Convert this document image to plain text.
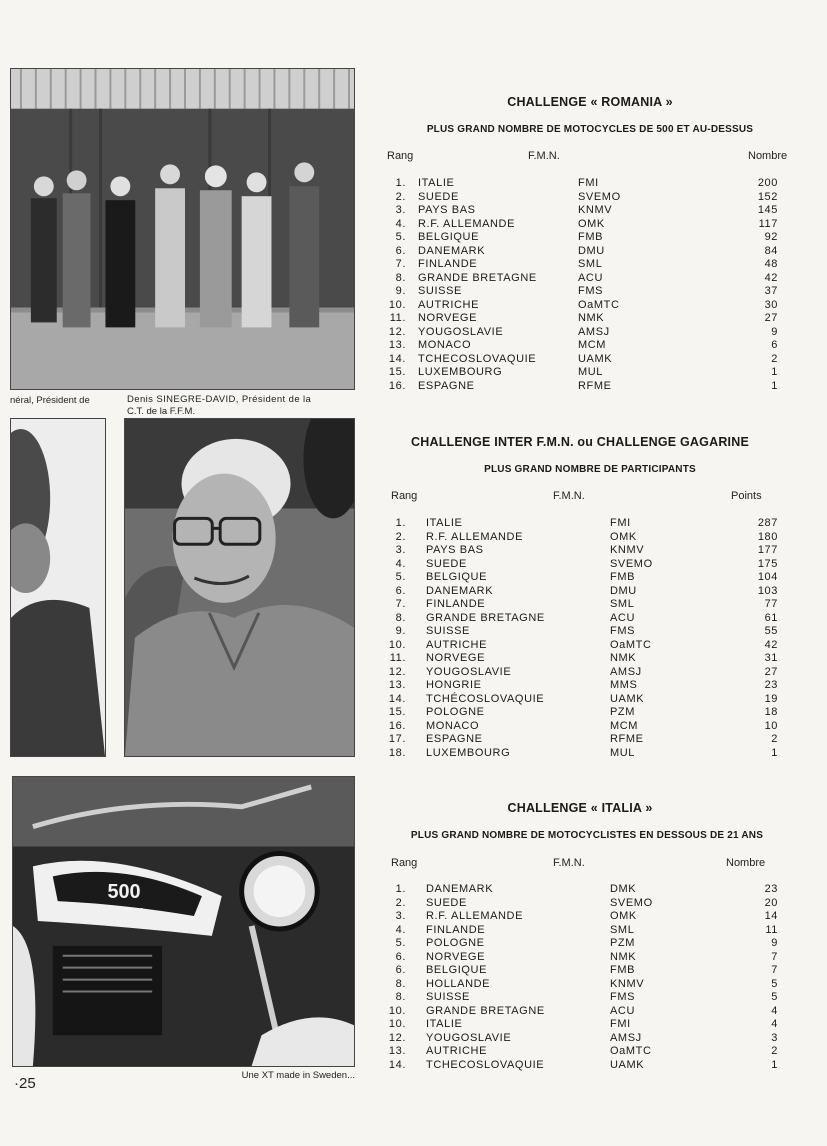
néral, Président de	Denis SINEGRE-DAVID, Président de la
C.T. de la F.F.M.
500
YAMAHA
Une XT made in Sweden...
·25
CHALLENGE « ROMANIA »
PLUS GRAND NOMBRE DE MOTOCYCLES DE 500 ET AU-DESSUS
Rang	F.M.N.	Nombre
1. ITALIE	FMI	200
2. SUEDE	SVEMO	152
3. PAYS BAS	KNMV	145
4. R.F. ALLEMANDE	OMK	117
5. BELGIQUE	FMB	92
6. DANEMARK	DMU	84
7. FINLANDE	SML	48
8. GRANDE BRETAGNE	ACU	42
9. SUISSE	FMS	37
10. AUTRICHE	OaMTC	30
11. NORVEGE	NMK	27
12. YOUGOSLAVIE	AMSJ	9
13. MONACO	MCM	6
14. TCHECOSLOVAQUIE	UAMK	2
15. LUXEMBOURG	MUL	1
16. ESPAGNE	RFME	1
CHALLENGE INTER F.M.N. ou CHALLENGE GAGARINE
PLUS GRAND NOMBRE DE PARTICIPANTS
Rang	F.M.N.	Points
1. ITALIE	FMI	287
2. R.F. ALLEMANDE	OMK	180
3. PAYS BAS	KNMV	177
4. SUEDE	SVEMO	175
5. BELGIQUE	FMB	104
6. DANEMARK	DMU	103
7. FINLANDE	SML	77
8. GRANDE BRETAGNE	ACU	61
9. SUISSE	FMS	55
10. AUTRICHE	OaMTC	42
11. NORVEGE	NMK	31
12. YOUGOSLAVIE	AMSJ	27
13. HONGRIE	MMS	23
14. TCHÉCOSLOVAQUIE	UAMK	19
15. POLOGNE	PZM	18
16. MONACO	MCM	10
17. ESPAGNE	RFME	2
18. LUXEMBOURG	MUL	1
CHALLENGE « ITALIA »
PLUS GRAND NOMBRE DE MOTOCYCLISTES EN DESSOUS DE 21 ANS
Rang	F.M.N.	Nombre
1. DANEMARK	DMK	23
2. SUEDE	SVEMO	20
3. R.F. ALLEMANDE	OMK	14
4. FINLANDE	SML	11
5. POLOGNE	PZM	9
6. NORVEGE	NMK	7
6. BELGIQUE	FMB	7
8. HOLLANDE	KNMV	5
8. SUISSE	FMS	5
10. GRANDE BRETAGNE	ACU	4
10. ITALIE	FMI	4
12. YOUGOSLAVIE	AMSJ	3
13. AUTRICHE	OaMTC	2
14. TCHECOSLOVAQUIE	UAMK	1
